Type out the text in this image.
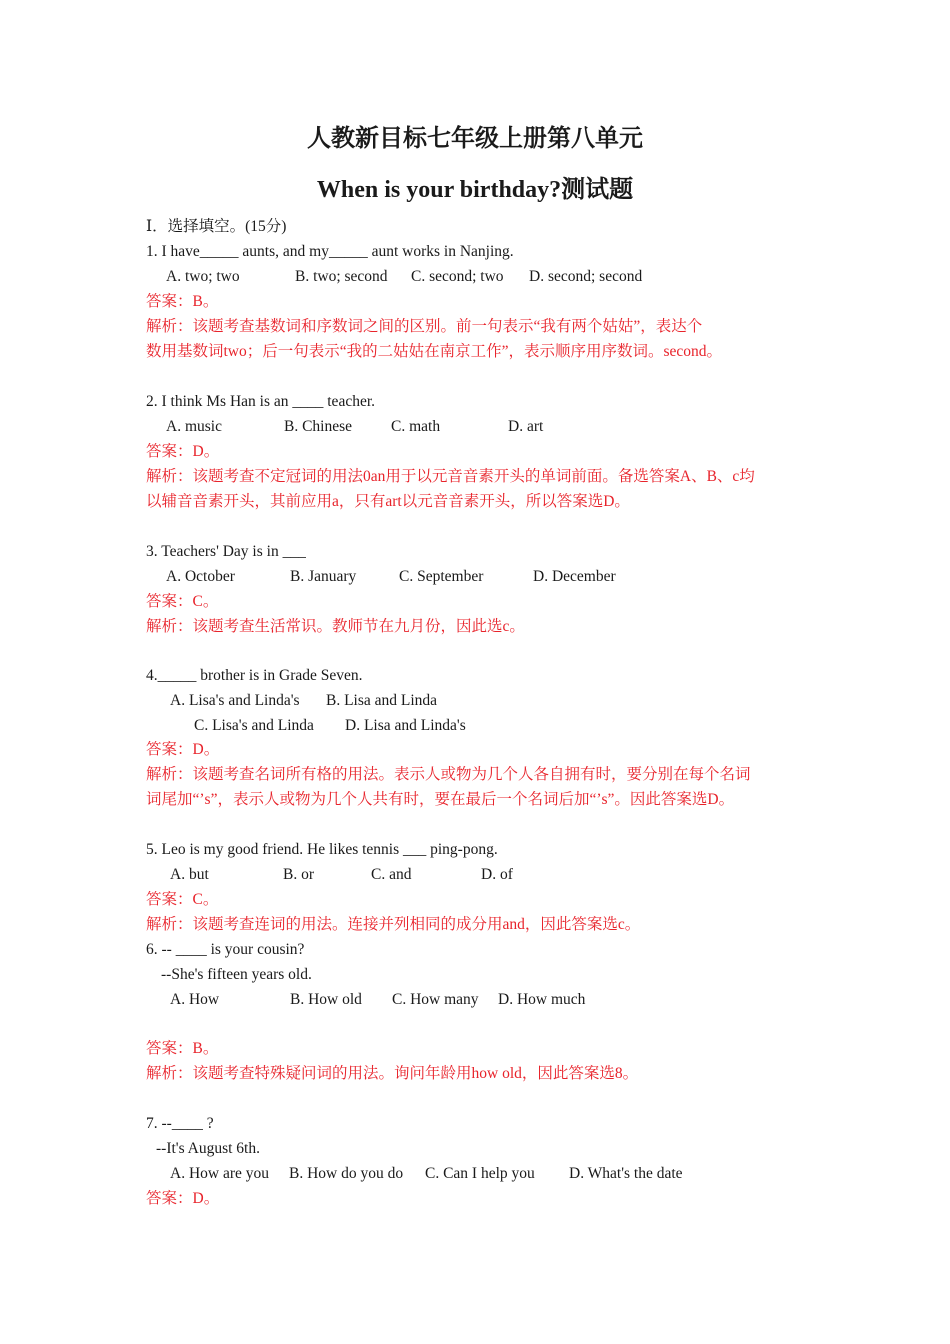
人教新目标七年级上册第八单元
When is your birthday?测试题
Ⅰ．选择填空。(15分)
1. I have_____ aunts, and my_____ aunt works in Nanjing.
A. two; two	B. two; second C. second; two D. second; second
答案：B。
解析：该题考查基数词和序数词之间的区别。前一句表示“我有两个姑姑”，表达个
数用基数词two；后一句表示“我的二姑姑在南京工作”，表示顺序用序数词。second。
2. I think Ms Han is an ____ teacher.
A. music	B. Chinese	C. math	D. art
答案：D。
解析：该题考查不定冠词的用法0an用于以元音音素开头的单词前面。备选答案A、B、c均
以辅音音素开头，其前应用a，只有art以元音音素开头，所以答案选D。
3. Teachers' Day is in ___
A. October	B. January	C. September	D. December
答案：C。
解析：该题考查生活常识。教师节在九月份，因此选c。
4._____ brother is in Grade Seven.
A. Lisa's and Linda's B. Lisa and Linda
C. Lisa's and Linda D. Lisa and Linda's
答案：D。
解析：该题考查名词所有格的用法。表示人或物为几个人各自拥有时，要分别在每个名词
词尾加“’s”，表示人或物为几个人共有时，要在最后一个名词后加“’s”。因此答案选D。
5. Leo is my good friend. He likes tennis ___ ping-pong.
A. but	B. or	C. and	D. of
答案：C。
解析：该题考查连词的用法。连接并列相同的成分用and，因此答案选c。
6. -- ____ is your cousin?
--She's fifteen years old.
A. How	B. How old C. How many D. How much
答案：B。
解析：该题考查特殊疑问词的用法。询问年龄用how old，因此答案选8。
7. --____ ?
--It's August 6th.
A. How are you B. How do you do C. Can I help you D. What's the date
答案：D。
